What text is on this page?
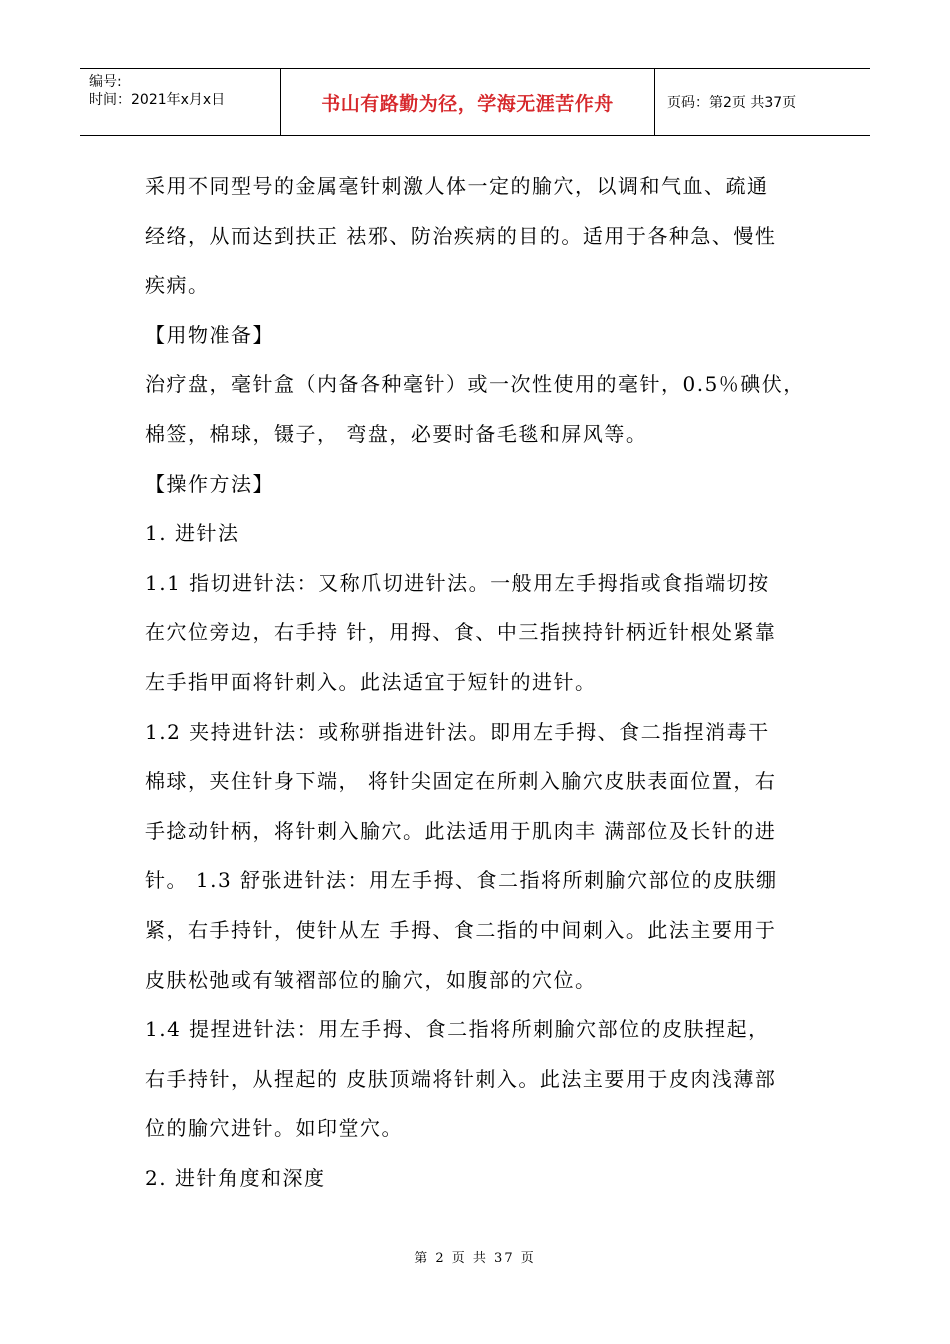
编号:
时间：2021年x月x日	书山有路勤为径，学海无涯苦作舟	页码：第2页 共37页
采用不同型号的金属毫针刺激人体一定的腧穴，以调和气血、疏通
经络，从而达到扶正 祛邪、防治疾病的目的。适用于各种急、慢性
疾病。
【用物准备】
治疗盘，毫针盒（内备各种毫针）或一次性使用的毫针，0.5％碘伏，
棉签，棉球，镊子， 弯盘，必要时备毛毯和屏风等。
【操作方法】
1. 进针法
1.1 指切进针法：又称爪切进针法。一般用左手拇指或食指端切按
在穴位旁边，右手持 针，用拇、食、中三指挟持针柄近针根处紧靠
左手指甲面将针刺入。此法适宜于短针的进针。
1.2 夹持进针法：或称骈指进针法。即用左手拇、食二指捏消毒干
棉球，夹住针身下端， 将针尖固定在所刺入腧穴皮肤表面位置，右
手捻动针柄，将针刺入腧穴。此法适用于肌肉丰 满部位及长针的进
针。 1.3 舒张进针法：用左手拇、食二指将所刺腧穴部位的皮肤绷
紧，右手持针，使针从左 手拇、食二指的中间刺入。此法主要用于
皮肤松弛或有皱褶部位的腧穴，如腹部的穴位。
1.4 提捏进针法：用左手拇、食二指将所刺腧穴部位的皮肤捏起，
右手持针，从捏起的 皮肤顶端将针刺入。此法主要用于皮肉浅薄部
位的腧穴进针。如印堂穴。
2. 进针角度和深度
第 2 页 共 37 页
